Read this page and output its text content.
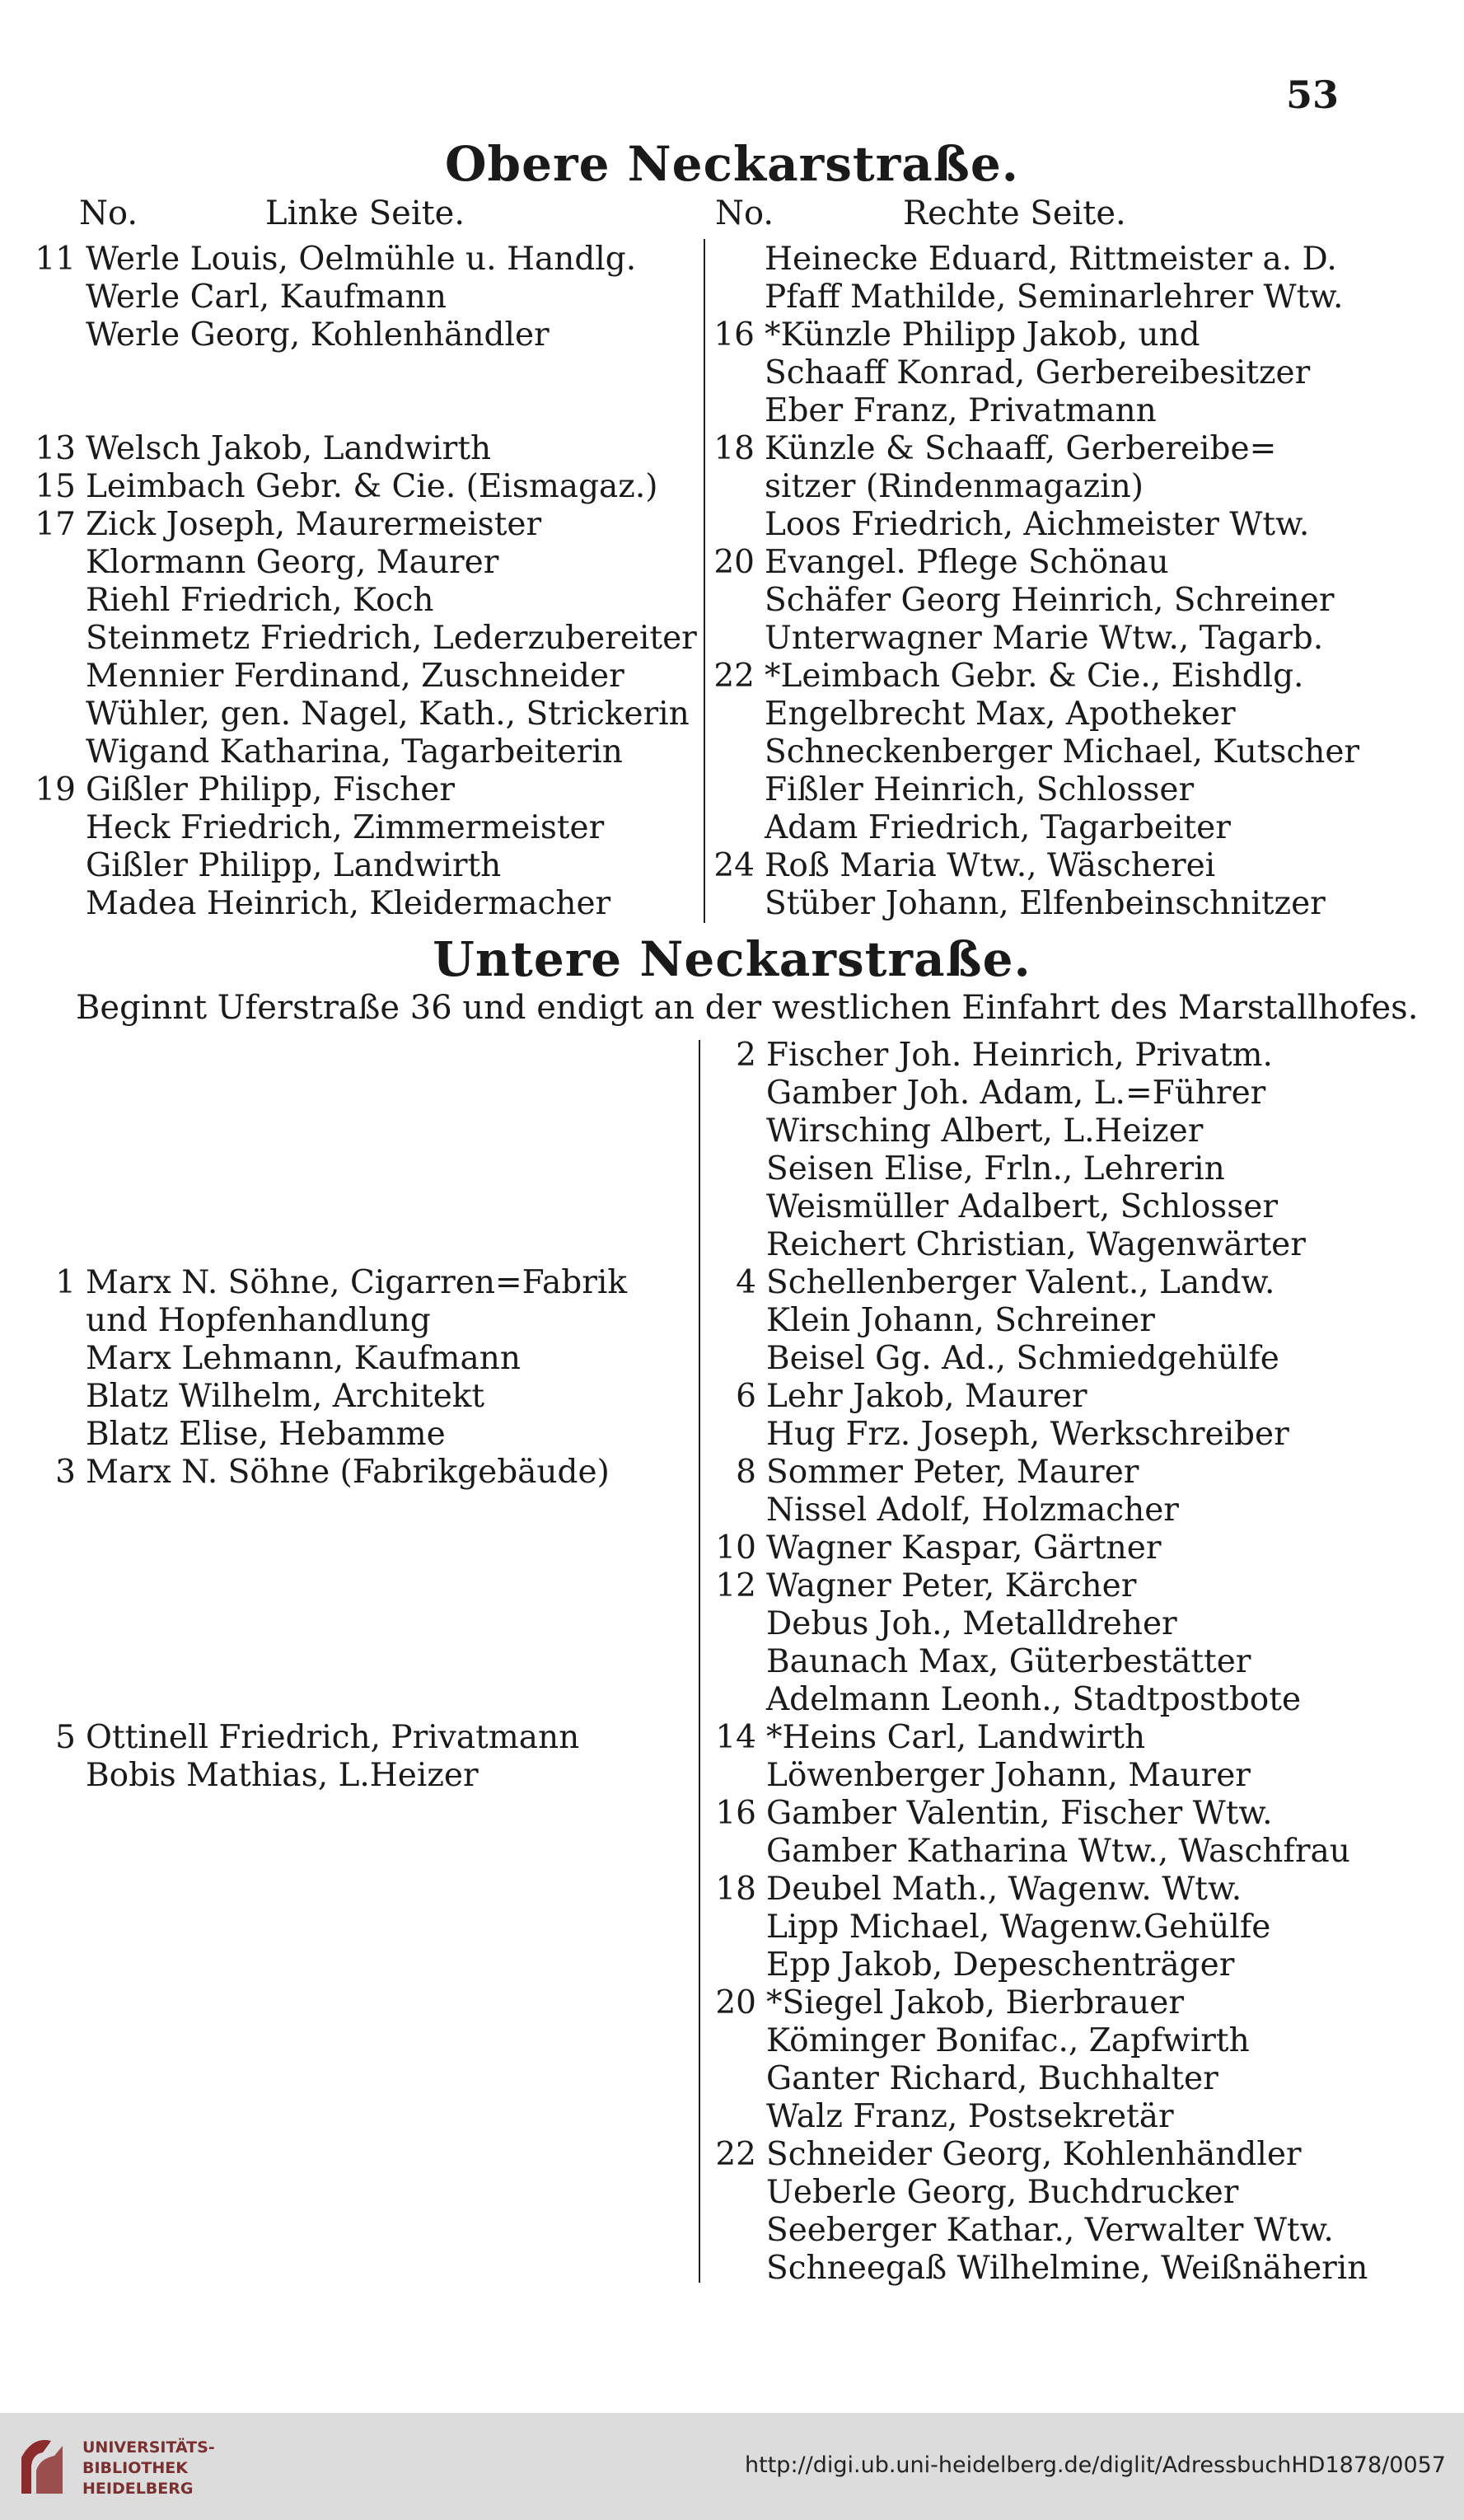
53
Obere Neckarstraße.
No.	Linke Seite.	No.	Rechte Seite.
11 Werle Louis, Oelmühle u. Handlg.
Werle Carl, Kaufmann
Werle Georg, Kohlenhändler
13 Welsch Jakob, Landwirth
15 Leimbach Gebr. & Cie. (Eismagaz.)
17 Zick Joseph, Maurermeister
Klormann Georg, Maurer
Riehl Friedrich, Koch
Steinmetz Friedrich, Lederzubereiter
Mennier Ferdinand, Zuschneider
Wühler, gen. Nagel, Kath., Strickerin
Wigand Katharina, Tagarbeiterin
19 Gißler Philipp, Fischer
Heck Friedrich, Zimmermeister
Gißler Philipp, Landwirth
Madea Heinrich, Kleidermacher
Heinecke Eduard, Rittmeister a. D.
Pfaff Mathilde, Seminarlehrer Wtw.
16 *Künzle Philipp Jakob, und
Schaaff Konrad, Gerbereibesitzer
Eber Franz, Privatmann
18 Künzle & Schaaff, Gerbereibe=
sitzer (Rindenmagazin)
Loos Friedrich, Aichmeister Wtw.
20 Evangel. Pflege Schönau
Schäfer Georg Heinrich, Schreiner
Unterwagner Marie Wtw., Tagarb.
22 *Leimbach Gebr. & Cie., Eishdlg.
Engelbrecht Max, Apotheker
Schneckenberger Michael, Kutscher
Fißler Heinrich, Schlosser
Adam Friedrich, Tagarbeiter
24 Roß Maria Wtw., Wäscherei
Stüber Johann, Elfenbeinschnitzer
Untere Neckarstraße.
Beginnt Uferstraße 36 und endigt an der westlichen Einfahrt des Marstallhofes.
1 Marx N. Söhne, Cigarren=Fabrik
und Hopfenhandlung
Marx Lehmann, Kaufmann
Blatz Wilhelm, Architekt
Blatz Elise, Hebamme
3 Marx N. Söhne (Fabrikgebäude)
5 Ottinell Friedrich, Privatmann
Bobis Mathias, L.Heizer
2 Fischer Joh. Heinrich, Privatm.
Gamber Joh. Adam, L.=Führer
Wirsching Albert, L.Heizer
Seisen Elise, Frln., Lehrerin
Weismüller Adalbert, Schlosser
Reichert Christian, Wagenwärter
4 Schellenberger Valent., Landw.
Klein Johann, Schreiner
Beisel Gg. Ad., Schmiedgehülfe
6 Lehr Jakob, Maurer
Hug Frz. Joseph, Werkschreiber
8 Sommer Peter, Maurer
Nissel Adolf, Holzmacher
10 Wagner Kaspar, Gärtner
12 Wagner Peter, Kärcher
Debus Joh., Metalldreher
Baunach Max, Güterbestätter
Adelmann Leonh., Stadtpostbote
14 *Heins Carl, Landwirth
Löwenberger Johann, Maurer
16 Gamber Valentin, Fischer Wtw.
Gamber Katharina Wtw., Waschfrau
18 Deubel Math., Wagenw. Wtw.
Lipp Michael, Wagenw.Gehülfe
Epp Jakob, Depeschenträger
20 *Siegel Jakob, Bierbrauer
Köminger Bonifac., Zapfwirth
Ganter Richard, Buchhalter
Walz Franz, Postsekretär
22 Schneider Georg, Kohlenhändler
Ueberle Georg, Buchdrucker
Seeberger Kathar., Verwalter Wtw.
Schneegaß Wilhelmine, Weißnäherin
UNIVERSITÄTS-
BIBLIOTHEK
HEIDELBERG
http://digi.ub.uni-heidelberg.de/diglit/AdressbuchHD1878/0057
